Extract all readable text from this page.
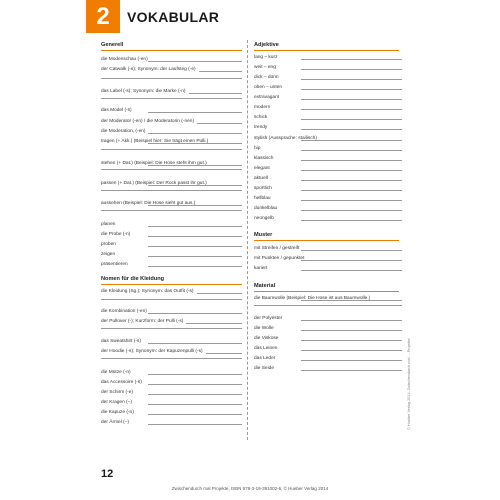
2 VOKABULAR
Generell
die Modenschau (-en)
der Catwalk (-s); Synonym: der Laufsteg (-e)
das Label (-s); Synonym: die Marke (-n)
das Model (-s)
der Moderator (-en) / die Moderatorin (-nen)
die Moderation, (-en)
tragen (+ Akk.) (Beispiel hier: Sie trägt einen Pulli.)
stehen (+ Dat.) (Beispiel: Die Hose steht ihm gut.)
passen (+ Dat.) (Beispiel: Der Rock passt ihr gut.)
aussehen (Beispiel: Die Hose sieht gut aus.)
planen
die Probe (-n)
proben
zeigen
präsentieren
Nomen für die Kleidung
die Kleidung (Sg.); Synonym: das Outfit (-s)
die Kombination (-en)
der Pullover (-); Kurzform: der Pulli (-s)
das Sweatshirt (-s)
der Hoodie (-s); Synonym: der Kapuzenpulli (-s)
die Mütze (-n)
das Accessoire (-s)
der Schirm (-e)
der Kragen (–)
die Kapuze (-n)
der Ärmel (–)
Adjektive
lang – kurz
weit – eng
dick – dünn
oben – unten
extravagant
modern
schick
trendy
stylish (Aussprache: stailisch)
hip
klassisch
elegant
aktuell
sportlich
hellblau
dunkelblau
neongelb
Muster
mit Streifen / gestreift
mit Punkten / gepunktet
kariert
Material
die Baumwolle (Beispiel: Die Hose ist aus Baumwolle.)
der Polyester
die Wolle
die Viskose
das Leinen
das Leder
die Seide
12
Zwischendurch mal Projekte, ISBN 978-3-19-391002-6, © Hueber Verlag 2014
© Hueber Verlag 2014, Zwischendurch mal ... Projekte
